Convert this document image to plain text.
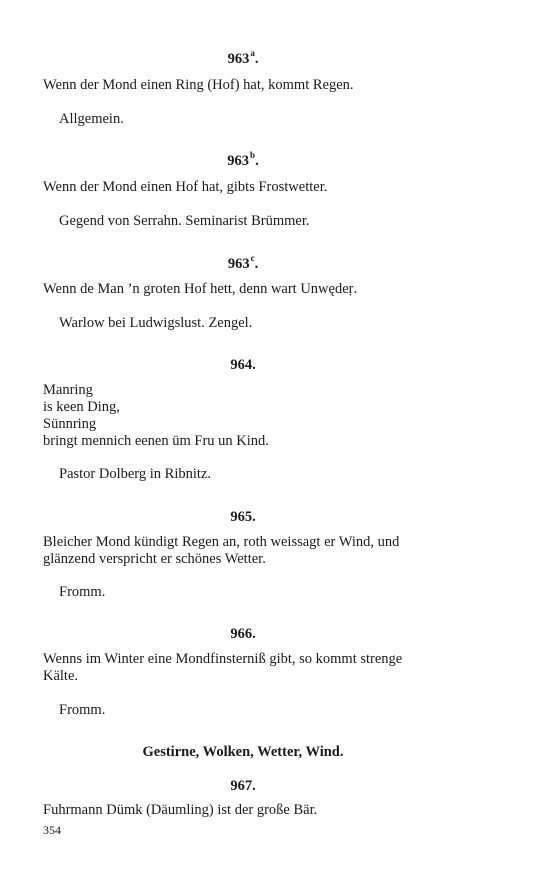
963$^a$.
Wenn der Mond einen Ring (Hof) hat, kommt Regen.
Allgemein.
963$^b$.
Wenn der Mond einen Hof hat, gibts Frostwetter.
Gegend von Serrahn. Seminarist Brümmer.
963$^c$.
Wenn de Man ’n groten Hof hett, denn wart Unwędeṛ.
Warlow bei Ludwigslust. Zengel.
964.
Manring
is keen Ding,
Sünnring
bringt mennich eenen üm Fru un Kind.
Pastor Dolberg in Ribnitz.
965.
Bleicher Mond kündigt Regen an, roth weissagt er Wind, und
glänzend verspricht er schönes Wetter.
Fromm.
966.
Wenns im Winter eine Mondfinsterniß gibt, so kommt strenge
Kälte.
Fromm.
Gestirne, Wolken, Wetter, Wind.
967.
Fuhrmann Dümk (Däumling) ist der große Bär.
354
